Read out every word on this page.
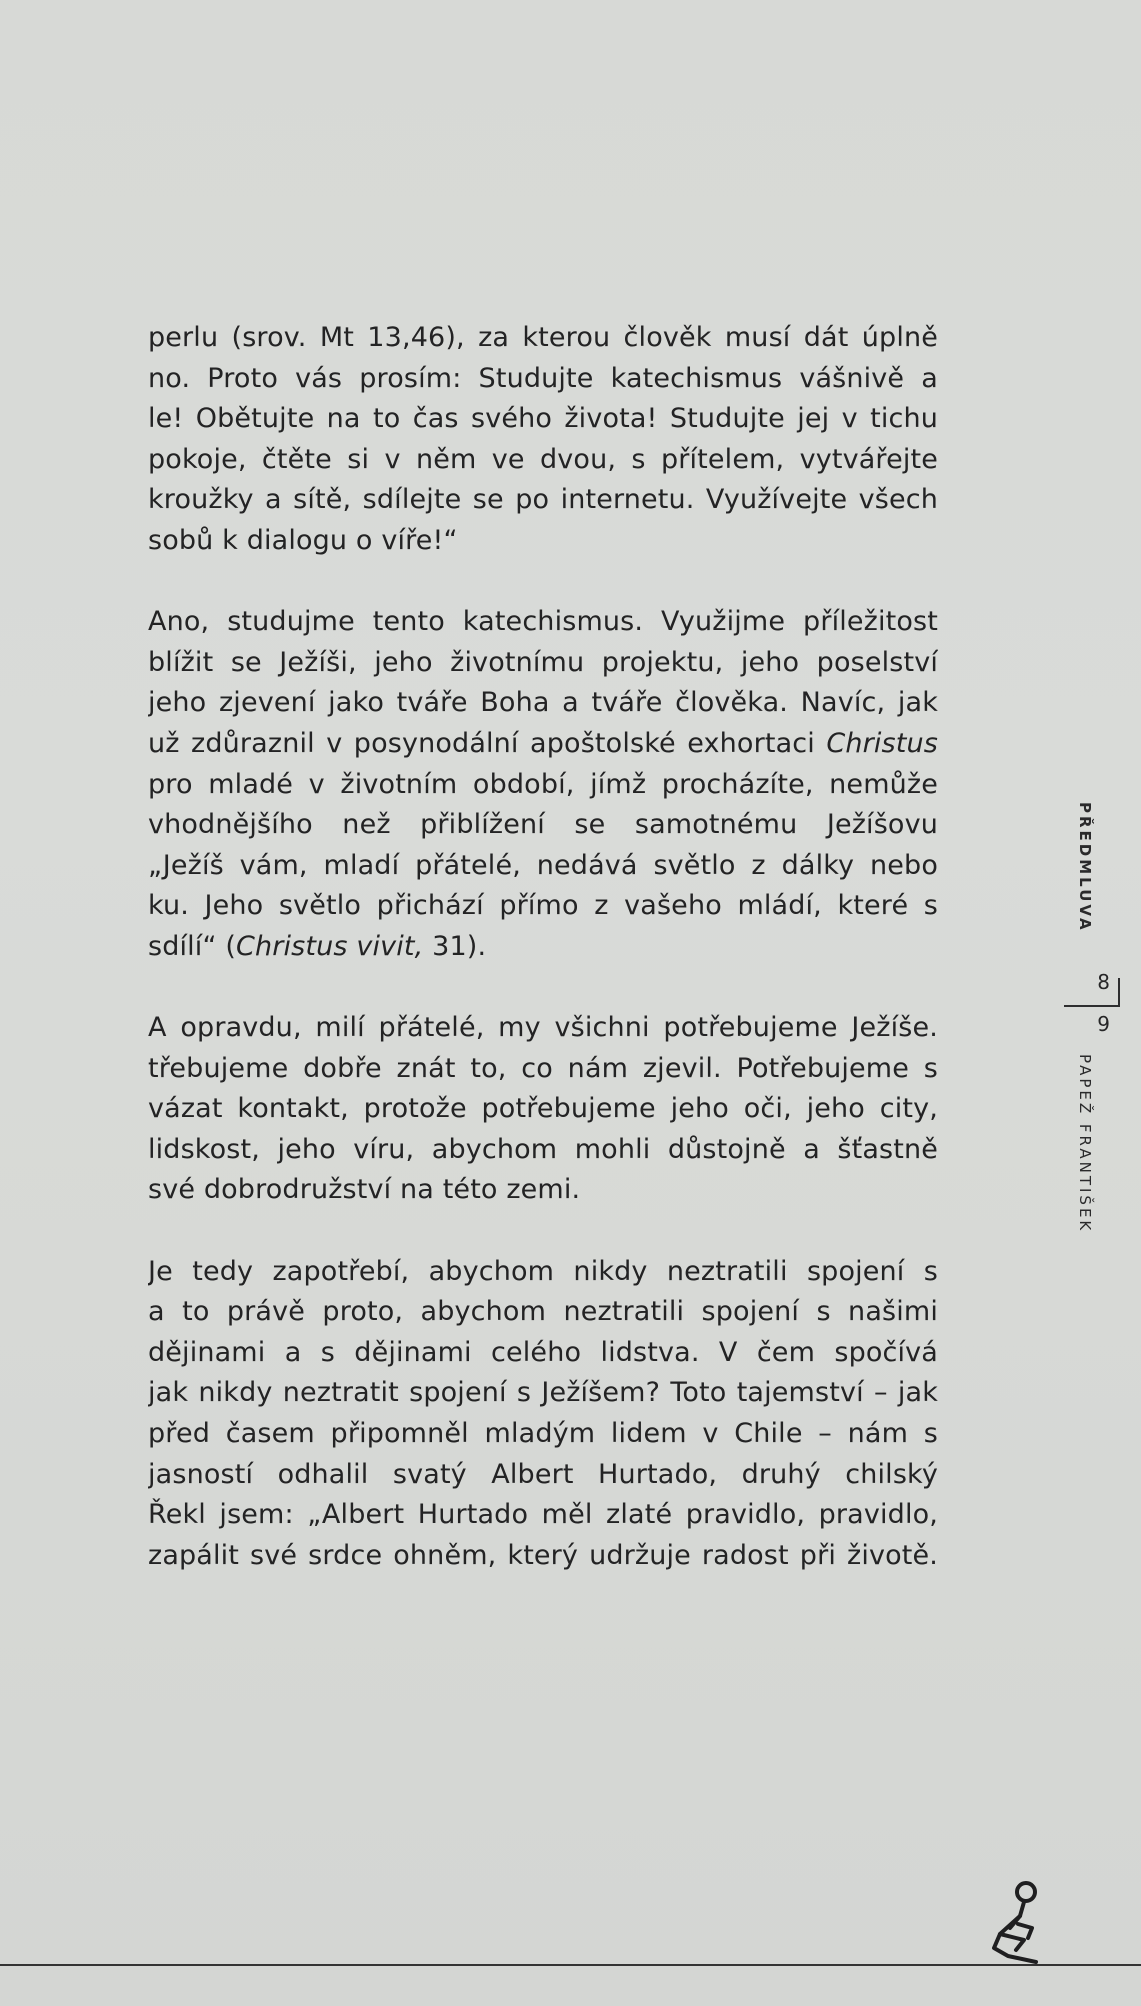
perlu (srov. Mt 13,46), za kterou člověk musí dát úplně
no. Proto vás prosím: Studujte katechismus vášnivě a
le! Obětujte na to čas svého života! Studujte jej v tichu
pokoje, čtěte si v něm ve dvou, s přítelem, vytvářejte
kroužky a sítě, sdílejte se po internetu. Využívejte všech
sobů k dialogu o víře!“

Ano, studujme tento katechismus. Využijme příležitost
blížit se Ježíši, jeho životnímu projektu, jeho poselství
jeho zjevení jako tváře Boha a tváře člověka. Navíc, jak
už zdůraznil v posynodální apoštolské exhortaci Christus
pro mladé v životním období, jímž procházíte, nemůže
vhodnějšího než přiblížení se samotnému Ježíšovu
„Ježíš vám, mladí přátelé, nedává světlo z dálky nebo
ku. Jeho světlo přichází přímo z vašeho mládí, které s
sdílí“ (Christus vivit, 31).

A opravdu, milí přátelé, my všichni potřebujeme Ježíše.
třebujeme dobře znát to, co nám zjevil. Potřebujeme s
vázat kontakt, protože potřebujeme jeho oči, jeho city,
lidskost, jeho víru, abychom mohli důstojně a šťastně
své dobrodružství na této zemi.

Je tedy zapotřebí, abychom nikdy neztratili spojení s
a to právě proto, abychom neztratili spojení s našimi
dějinami a s dějinami celého lidstva. V čem spočívá
jak nikdy neztratit spojení s Ježíšem? Toto tajemství – jak
před časem připomněl mladým lidem v Chile – nám s
jasností odhalil svatý Albert Hurtado, druhý chilský
Řekl jsem: „Albert Hurtado měl zlaté pravidlo, pravidlo,
zapálit své srdce ohněm, který udržuje radost při životě.

PŘEDMLUVA
8
9
PAPEŽ FRANTIŠEK
